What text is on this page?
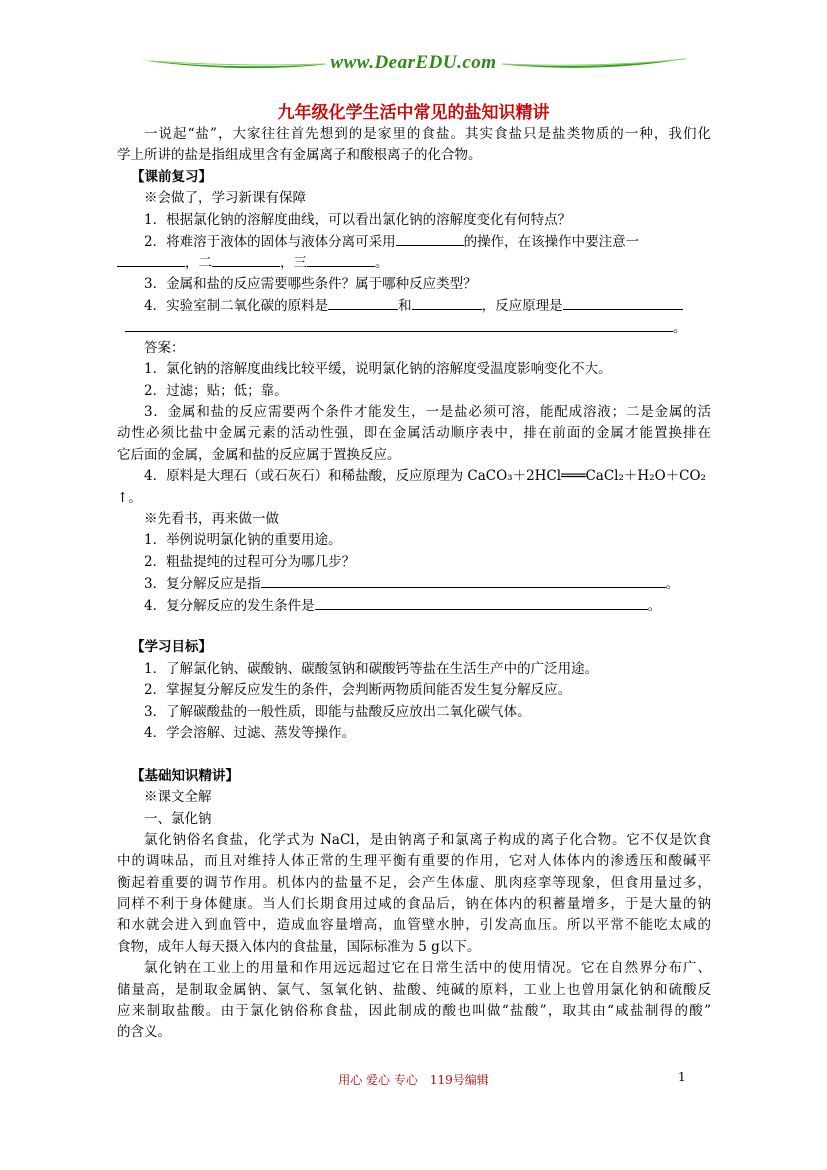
www.DearEDU.com
九年级化学生活中常见的盐知识精讲
一说起“盐”，大家往往首先想到的是家里的食盐。其实食盐只是盐类物质的一种，我们化
学上所讲的盐是指组成里含有金属离子和酸根离子的化合物。
【课前复习】
※会做了，学习新课有保障
1．根据氯化钠的溶解度曲线，可以看出氯化钠的溶解度变化有何特点？
2．将难溶于液体的固体与液体分离可采用	的操作，在该操作中要注意一
，二	，三	。
3．金属和盐的反应需要哪些条件？属于哪种反应类型？
4．实验室制二氧化碳的原料是	和	，反应原理是
。
答案：
1．氯化钠的溶解度曲线比较平缓，说明氯化钠的溶解度受温度影响变化不大。
2．过滤；贴；低；靠。
3．金属和盐的反应需要两个条件才能发生，一是盐必须可溶，能配成溶液；二是金属的活
动性必须比盐中金属元素的活动性强，即在金属活动顺序表中，排在前面的金属才能置换排在
它后面的金属，金属和盐的反应属于置换反应。
4．原料是大理石（或石灰石）和稀盐酸，反应原理为 CaCO₃＋2HCl═══CaCl₂＋H₂O＋CO₂
↑。
※先看书，再来做一做
1．举例说明氯化钠的重要用途。
2．粗盐提纯的过程可分为哪几步？
3．复分解反应是指	。
4．复分解反应的发生条件是	。
【学习目标】
1．了解氯化钠、碳酸钠、碳酸氢钠和碳酸钙等盐在生活生产中的广泛用途。
2．掌握复分解反应发生的条件，会判断两物质间能否发生复分解反应。
3．了解碳酸盐的一般性质，即能与盐酸反应放出二氧化碳气体。
4．学会溶解、过滤、蒸发等操作。
【基础知识精讲】
※课文全解
一、氯化钠
氯化钠俗名食盐，化学式为 NaCl，是由钠离子和氯离子构成的离子化合物。它不仅是饮食
中的调味品，而且对维持人体正常的生理平衡有重要的作用，它对人体体内的渗透压和酸碱平
衡起着重要的调节作用。机体内的盐量不足，会产生体虚、肌肉痉挛等现象，但食用量过多，
同样不利于身体健康。当人们长期食用过咸的食品后，钠在体内的积蓄量增多，于是大量的钠
和水就会进入到血管中，造成血容量增高，血管壁水肿，引发高血压。所以平常不能吃太咸的
食物，成年人每天摄入体内的食盐量，国际标准为 5 g以下。
氯化钠在工业上的用量和作用远远超过它在日常生活中的使用情况。它在自然界分布广、
储量高，是制取金属钠、氯气、氢氧化钠、盐酸、纯碱的原料，工业上也曾用氯化钠和硫酸反
应来制取盐酸。由于氯化钠俗称食盐，因此制成的酸也叫做“盐酸”，取其由“咸盐制得的酸”
的含义。
用心 爱心 专心　119号编辑	1
